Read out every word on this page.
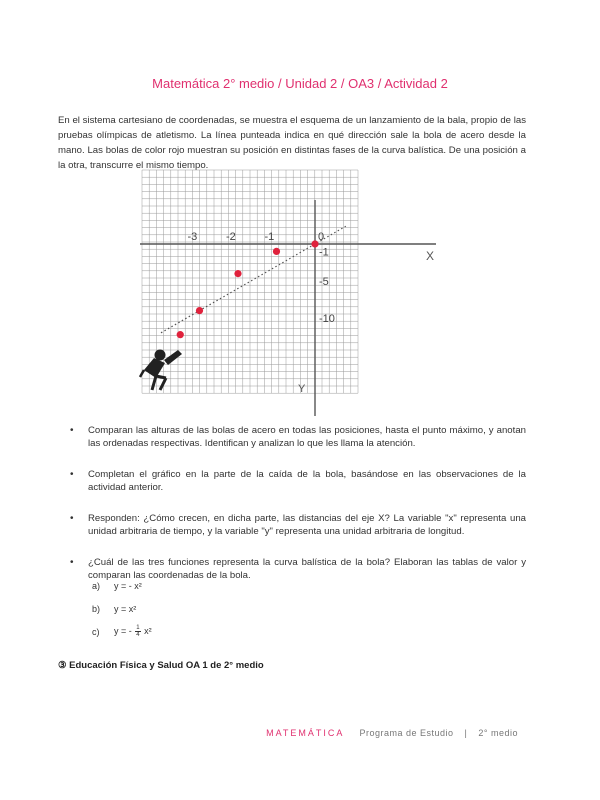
Matemática 2° medio / Unidad 2 / OA3 / Actividad 2

En el sistema cartesiano de coordenadas, se muestra el esquema de un lanzamiento de la bala, propio de las pruebas olímpicas de atletismo. La línea punteada indica en qué dirección sale la bola de acero desde la mano. Las bolas de color rojo muestran su posición en distintas fases de la curva balística. De una posición a la otra, transcurre el mismo tiempo.

X
Y
-3	-2	-1	0
-1
-5
-10
• Comparan las alturas de las bolas de acero en todas las posiciones, hasta el punto máximo, y anotan las ordenadas respectivas. Identifican y analizan lo que les llama la atención.
• Completan el gráfico en la parte de la caída de la bola, basándose en las observaciones de la actividad anterior.
• Responden: ¿Cómo crecen, en dicha parte, las distancias del eje X? La variable "x" representa una unidad arbitraria de tiempo, y la variable "y" representa una unidad arbitraria de longitud.
• ¿Cuál de las tres funciones representa la curva balística de la bola? Elaboran las tablas de valor y comparan las coordenadas de la bola.
a)	y = - x²
b)	y = x²
c)	y = - $\frac{1}{4} x^2$
③ Educación Física y Salud OA 1 de 2° medio
MATEMÁTICA Programa de Estudio | 2° medio
